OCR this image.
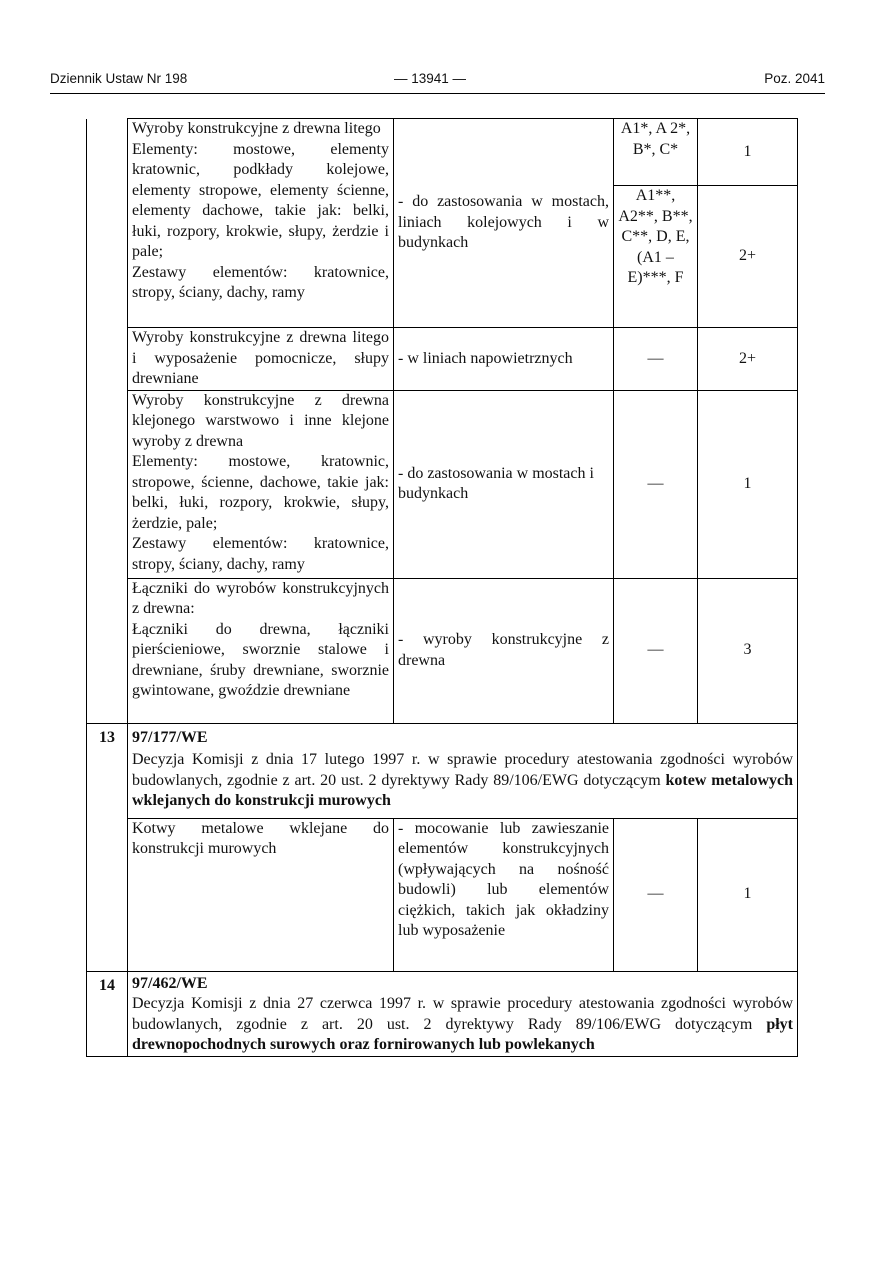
Dziennik Ustaw Nr 198	— 13941 —	Poz. 2041
	Wyroby konstrukcyjne z drewna litego
Elementy: mostowe, elementy kratownic, podkłady kolejowe, elementy stropowe, elementy ścienne, elementy dachowe, takie jak: belki, łuki, rozpory, krokwie, słupy, żerdzie i pale;
Zestawy elementów: kratownice, stropy, ściany, dachy, ramy	- do zastosowania w mostach, liniach kolejowych i w budynkach	A1*, A 2*, B*, C*	1
			A1**, A2**, B**, C**, D, E, (A1 – E)***, F	2+
	Wyroby konstrukcyjne z drewna litego i wyposażenie pomocnicze, słupy drewniane	- w liniach napowietrznych	—	2+
	Wyroby konstrukcyjne z drewna klejonego warstwowo i inne klejone wyroby z drewna
Elementy: mostowe, kratownic, stropowe, ścienne, dachowe, takie jak: belki, łuki, rozpory, krokwie, słupy, żerdzie, pale;
Zestawy elementów: kratownice, stropy, ściany, dachy, ramy	- do zastosowania w mostach i budynkach	—	1
	Łączniki do wyrobów konstrukcyjnych z drewna:
Łączniki do drewna, łączniki pierścieniowe, sworznie stalowe i drewniane, śruby drewniane, sworznie gwintowane, gwoździe drewniane	- wyroby konstrukcyjne z drewna	—	3
13	97/177/WE
Decyzja Komisji z dnia 17 lutego 1997 r. w sprawie procedury atestowania zgodności wyrobów budowlanych, zgodnie z art. 20 ust. 2 dyrektywy Rady 89/106/EWG dotyczącym kotew metalowych wklejanych do konstrukcji murowych			

	Kotwy metalowe wklejane do konstrukcji murowych	- mocowanie lub zawieszanie elementów konstrukcyjnych (wpływających na nośność budowli) lub elementów ciężkich, takich jak okładziny lub wyposażenie	—	1
14	97/462/WE
Decyzja Komisji z dnia 27 czerwca 1997 r. w sprawie procedury atestowania zgodności wyrobów budowlanych, zgodnie z art. 20 ust. 2 dyrektywy Rady 89/106/EWG dotyczącym płyt drewnopochodnych surowych oraz fornirowanych lub powlekanych			
